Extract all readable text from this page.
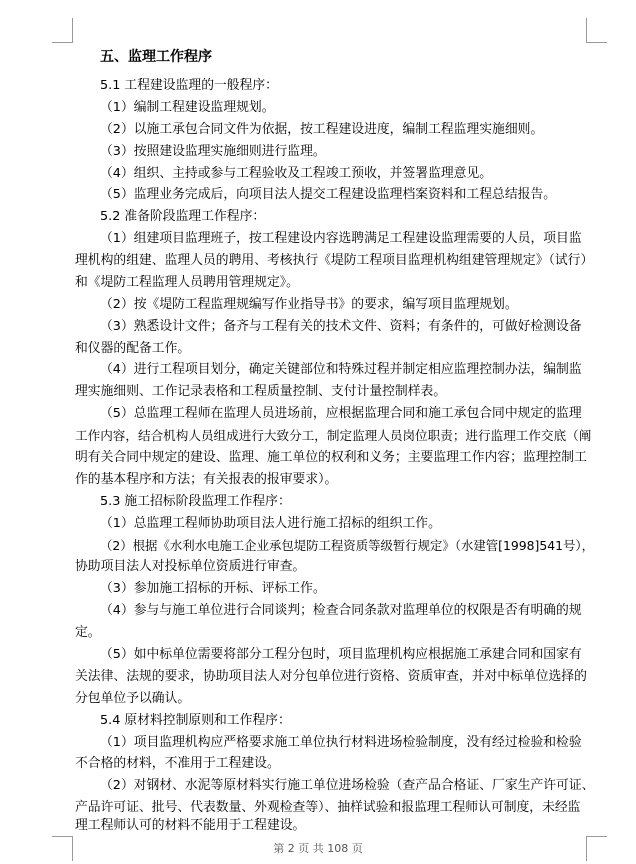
五、监理工作程序
5.1 工程建设监理的一般程序：
（1）编制工程建设监理规划。
（2）以施工承包合同文件为依据，按工程建设进度，编制工程监理实施细则。
（3）按照建设监理实施细则进行监理。
（4）组织、主持或参与工程验收及工程竣工预收，并签署监理意见。
（5）监理业务完成后，向项目法人提交工程建设监理档案资料和工程总结报告。
5.2 准备阶段监理工作程序：
（1）组建项目监理班子，按工程建设内容选聘满足工程建设监理需要的人员，项目监
理机构的组建、监理人员的聘用、考核执行《堤防工程项目监理机构组建管理规定》（试行）
和《堤防工程监理人员聘用管理规定》。
（2）按《堤防工程监理规编写作业指导书》的要求，编写项目监理规划。
（3）熟悉设计文件；备齐与工程有关的技术文件、资料；有条件的，可做好检测设备
和仪器的配备工作。
（4）进行工程项目划分，确定关键部位和特殊过程并制定相应监理控制办法，编制监
理实施细则、工作记录表格和工程质量控制、支付计量控制样表。
（5）总监理工程师在监理人员进场前，应根据监理合同和施工承包合同中规定的监理
工作内容，结合机构人员组成进行大致分工，制定监理人员岗位职责；进行监理工作交底（阐
明有关合同中规定的建设、监理、施工单位的权利和义务；主要监理工作内容；监理控制工
作的基本程序和方法；有关报表的报审要求）。
5.3 施工招标阶段监理工作程序：
（1）总监理工程师协助项目法人进行施工招标的组织工作。
（2）根据《水利水电施工企业承包堤防工程资质等级暂行规定》（水建管[1998]541号），
协助项目法人对投标单位资质进行审查。
（3）参加施工招标的开标、评标工作。
（4）参与与施工单位进行合同谈判；检查合同条款对监理单位的权限是否有明确的规
定。
（5）如中标单位需要将部分工程分包时，项目监理机构应根据施工承建合同和国家有
关法律、法规的要求，协助项目法人对分包单位进行资格、资质审查，并对中标单位选择的
分包单位予以确认。
5.4 原材料控制原则和工作程序：
（1）项目监理机构应严格要求施工单位执行材料进场检验制度，没有经过检验和检验
不合格的材料，不准用于工程建设。
（2）对钢材、水泥等原材料实行施工单位进场检验（查产品合格证、厂家生产许可证、
产品许可证、批号、代表数量、外观检查等）、抽样试验和报监理工程师认可制度，未经监
理工程师认可的材料不能用于工程建设。
第 2 页 共 108 页
